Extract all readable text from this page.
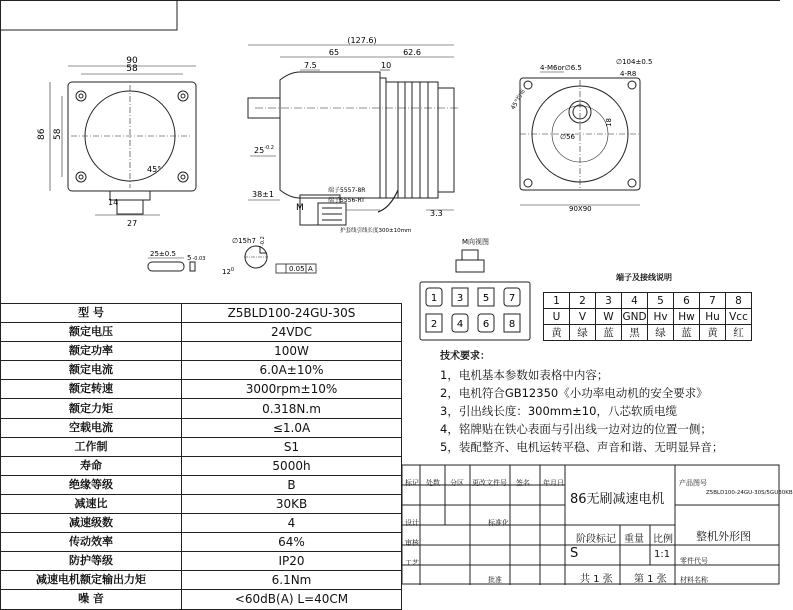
90
58
86 58
45°
14
27
(127.6)
65	62.6
7.5	10
$25^{-0.2}$
38±1
3.3
M
端子5557-8R
端子5556-RT
护套线引线长度300±10mm
4-M6or∅6.5
∅104±0.5
4-R8
45°均布
18
∅56
90X90
25±0.5 5-0.03
∅15h7 -0.2
$12^0$	0.05 A
M向视图
1 3 5 7
2 4 6 8
型 号	Z5BLD100-24GU-30S
额定电压	24VDC
额定功率	100W
额定电流	6.0A±10%
额定转速	3000rpm±10%
额定力矩	0.318N.m
空载电流	≤1.0A
工作制	S1
寿命	5000h
绝缘等级	B
减速比	30KB
减速级数	4
传动效率	64%
防护等级	IP20
减速电机额定输出力矩	6.1Nm
噪 音	<60dB(A) L=40CM
端子及接线说明
1	2	3	4	5	6	7	8
U	V	W	GND	Hv	Hw	Hu	Vcc
黄	绿	蓝	黑	绿	蓝	黄	红
技术要求：
1，电机基本参数如表格中内容；
2，电机符合GB12350《小功率电动机的安全要求》
3，引出线长度：300mm±10，八芯软质电缆
4，铭牌贴在铁心表面与引出线一边对边的位置一侧；
5，装配整齐、电机运转平稳、声音和谐、无明显异音；
标记 处数 分区 更改文件号 签名 年月日
设计	标准化
审核
工艺
批准
86无刷减速电机
产品图号
Z5BLD100-24GU-30S/5GU30KB
整机外形图
阶段标记 重量 比例
S	1:1
共 1 张 第 1 张
零件代号
材料名称
